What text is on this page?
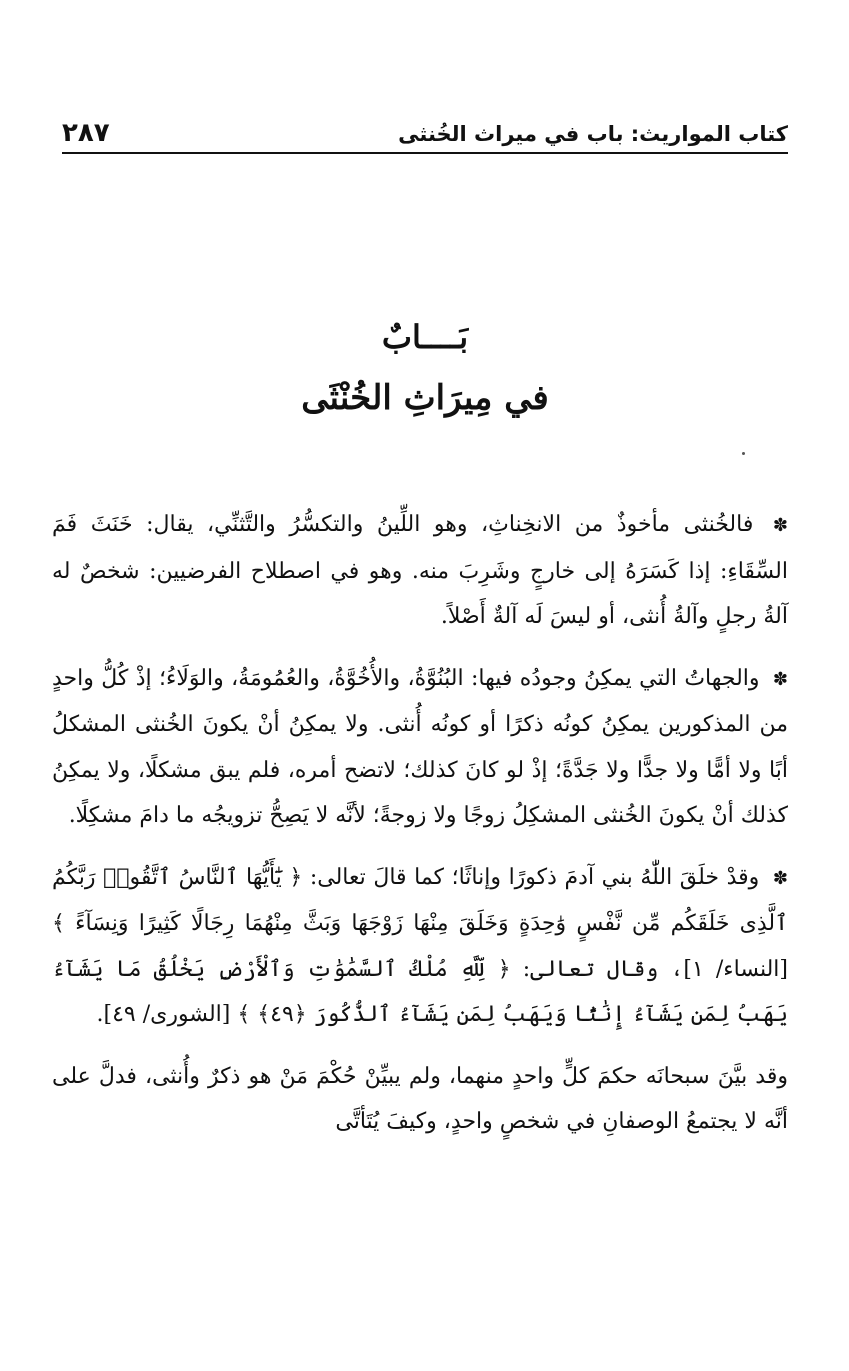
كتاب المواريث: باب في ميراث الخُنثى
٢٨٧
بَــــابٌ
في مِيرَاثِ الخُنْثَى

✽ فالخُنثى مأخوذٌ من الانخِناثِ، وهو اللِّينُ والتكسُّرُ والتَّثنِّي، يقال: خَنَثَ فَمَ السِّقَاءِ: إذا كَسَرَهُ إلى خارجٍ وشَرِبَ منه. وهو في اصطلاح الفرضيين: شخصٌ له آلةُ رجلٍ وآلةُ أُنثى، أو ليسَ لَه آلةٌ أَصْلاً.

✽ والجهاتُ التي يمكِنُ وجودُه فيها: البُنُوَّةُ، والأُخُوَّةُ، والعُمُومَةُ، والوَلَاءُ؛ إذْ كُلُّ واحدٍ من المذكورين يمكِنُ كونُه ذكرًا أو كونُه أُنثى. ولا يمكِنُ أنْ يكونَ الخُنثى المشكلُ أبًا ولا أمًّا ولا جدًّا ولا جَدَّةً؛ إذْ لو كانَ كذلك؛ لاتضح أمره، فلم يبق مشكلًا، ولا يمكِنُ كذلك أنْ يكونَ الخُنثى المشكِلُ زوجًا ولا زوجةً؛ لأنَّه لا يَصِحُّ تزويجُه ما دامَ مشكِلًا.

✽ وقدْ خلَقَ اللّٰهُ بني آدمَ ذكورًا وإناثًا؛ كما قالَ تعالى: ﴿ يَٰٓأَيُّهَا ٱلنَّاسُ ٱتَّقُوا۟ رَبَّكُمُ ٱلَّذِى خَلَقَكُم مِّن نَّفْسٍ وَٰحِدَةٍ وَخَلَقَ مِنْهَا زَوْجَهَا وَبَثَّ مِنْهُمَا رِجَالًا كَثِيرًا وَنِسَآءً ﴾ [النساء/ ١]، وقال تعالى: ﴿ لِّلَّهِ مُلْكُ ٱلسَّمَٰوَٰتِ وَٱلْأَرْضِ يَخْلُقُ مَا يَشَآءُ يَهَبُ لِمَن يَشَآءُ إِنَٰثًا وَيَهَبُ لِمَن يَشَآءُ ٱلذُّكُورَ ﴿٤٩﴾ ﴾ [الشورى/ ٤٩].

وقد بيَّنَ سبحانَه حكمَ كلٍّ واحدٍ منهما، ولم يبيِّنْ حُكْمَ مَنْ هو ذكرٌ وأُنثى، فدلَّ على أنَّه لا يجتمعُ الوصفانِ في شخصٍ واحدٍ، وكيفَ يُتَأتَّى
